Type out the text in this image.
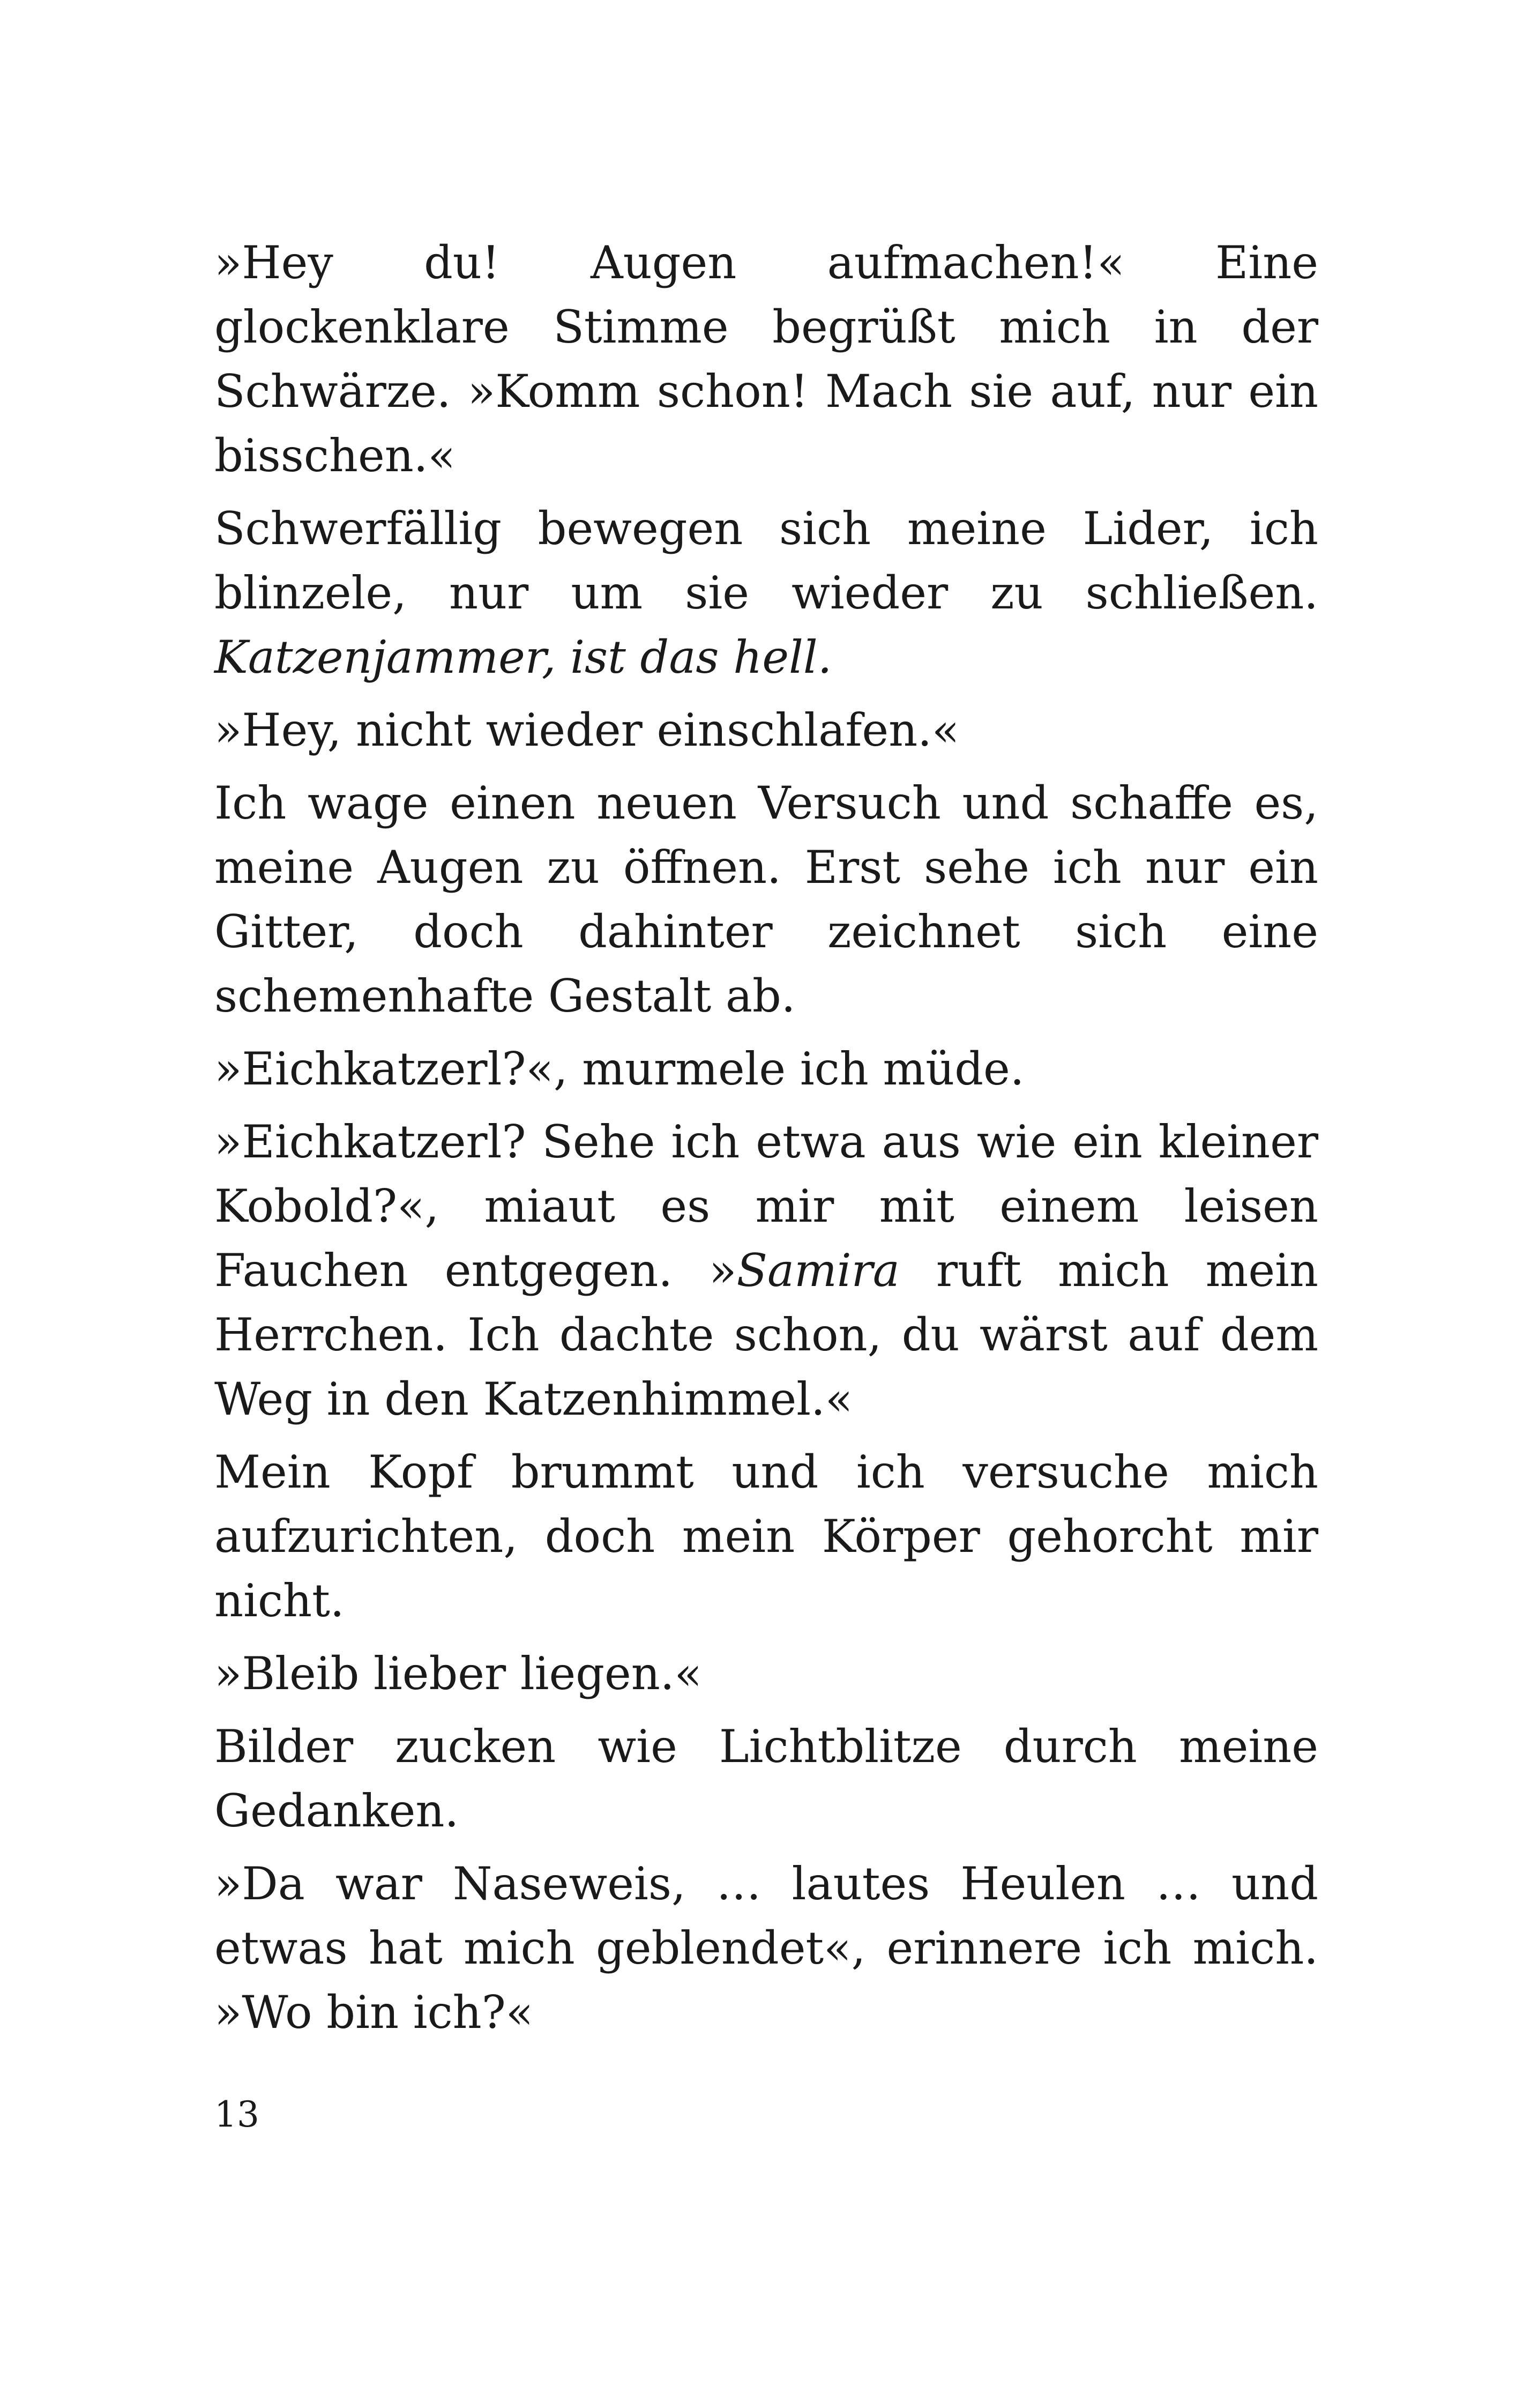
»Hey du! Augen aufmachen!« Eine glockenklare Stimme begrüßt mich in der Schwärze. »Komm schon! Mach sie auf, nur ein bisschen.«

Schwerfällig bewegen sich meine Lider, ich blinzele, nur um sie wieder zu schließen. Katzenjammer, ist das hell.

»Hey, nicht wieder einschlafen.«

Ich wage einen neuen Versuch und schaffe es, meine Augen zu öffnen. Erst sehe ich nur ein Gitter, doch dahinter zeichnet sich eine schemenhafte Gestalt ab.

»Eichkatzerl?«, murmele ich müde.

»Eichkatzerl? Sehe ich etwa aus wie ein kleiner Kobold?«, miaut es mir mit einem leisen Fauchen entgegen. »Samira ruft mich mein Herrchen. Ich dachte schon, du wärst auf dem Weg in den Katzenhimmel.«

Mein Kopf brummt und ich versuche mich aufzurichten, doch mein Körper gehorcht mir nicht.

»Bleib lieber liegen.«

Bilder zucken wie Lichtblitze durch meine Gedanken.

»Da war Naseweis, … lautes Heulen … und etwas hat mich geblendet«, erinnere ich mich. »Wo bin ich?«

13
